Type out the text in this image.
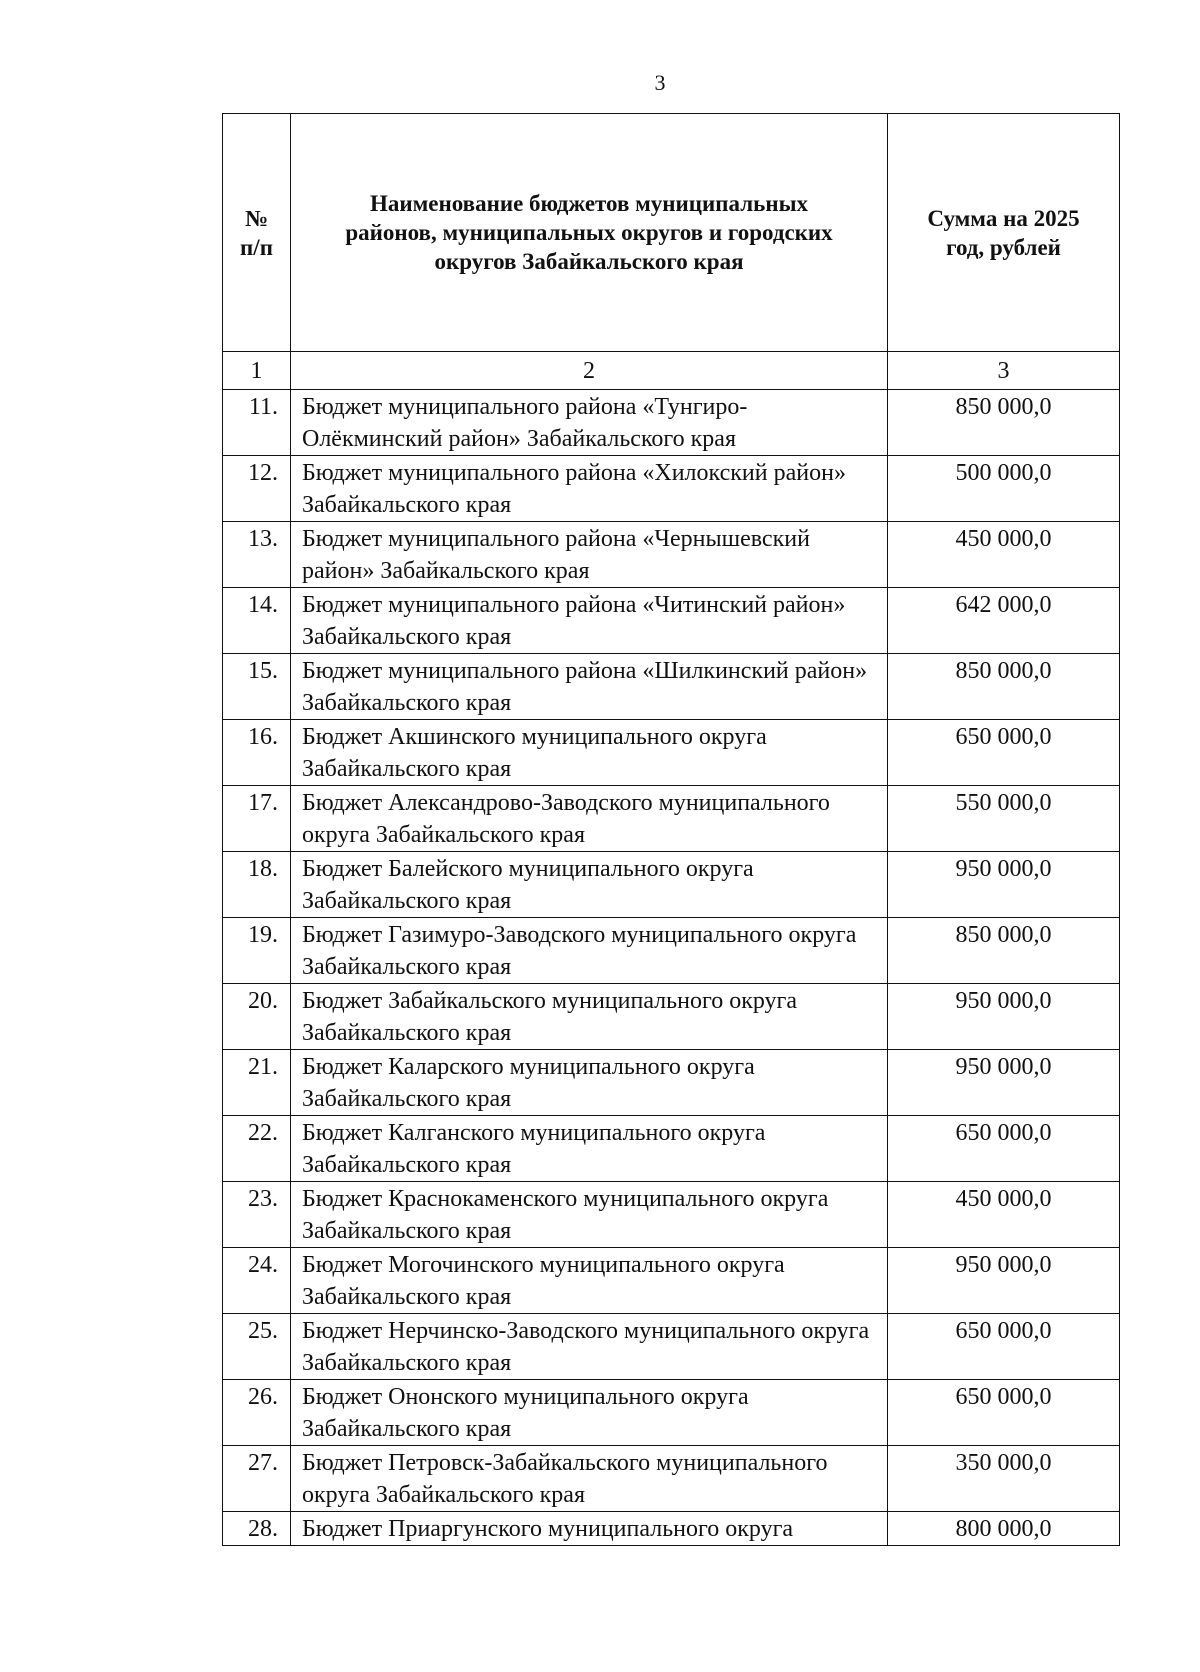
3
№ п/п	Наименование бюджетов муниципальных районов, муниципальных округов и городских округов Забайкальского края	Сумма на 2025 год, рублей
1	2	3
11.	Бюджет муниципального района «Тунгиро-Олёкминский район» Забайкальского края	850 000,0
12.	Бюджет муниципального района «Хилокский район» Забайкальского края	500 000,0
13.	Бюджет муниципального района «Чернышевский район» Забайкальского края	450 000,0
14.	Бюджет муниципального района «Читинский район» Забайкальского края	642 000,0
15.	Бюджет муниципального района «Шилкинский район» Забайкальского края	850 000,0
16.	Бюджет Акшинского муниципального округа Забайкальского края	650 000,0
17.	Бюджет Александрово-Заводского муниципального округа Забайкальского края	550 000,0
18.	Бюджет Балейского муниципального округа Забайкальского края	950 000,0
19.	Бюджет Газимуро-Заводского муниципального округа Забайкальского края	850 000,0
20.	Бюджет Забайкальского муниципального округа Забайкальского края	950 000,0
21.	Бюджет Каларского муниципального округа Забайкальского края	950 000,0
22.	Бюджет Калганского муниципального округа Забайкальского края	650 000,0
23.	Бюджет Краснокаменского муниципального округа Забайкальского края	450 000,0
24.	Бюджет Могочинского муниципального округа Забайкальского края	950 000,0
25.	Бюджет Нерчинско-Заводского муниципального округа Забайкальского края	650 000,0
26.	Бюджет Ононского муниципального округа Забайкальского края	650 000,0
27.	Бюджет Петровск-Забайкальского муниципального округа Забайкальского края	350 000,0
28.	Бюджет Приаргунского муниципального округа	800 000,0
